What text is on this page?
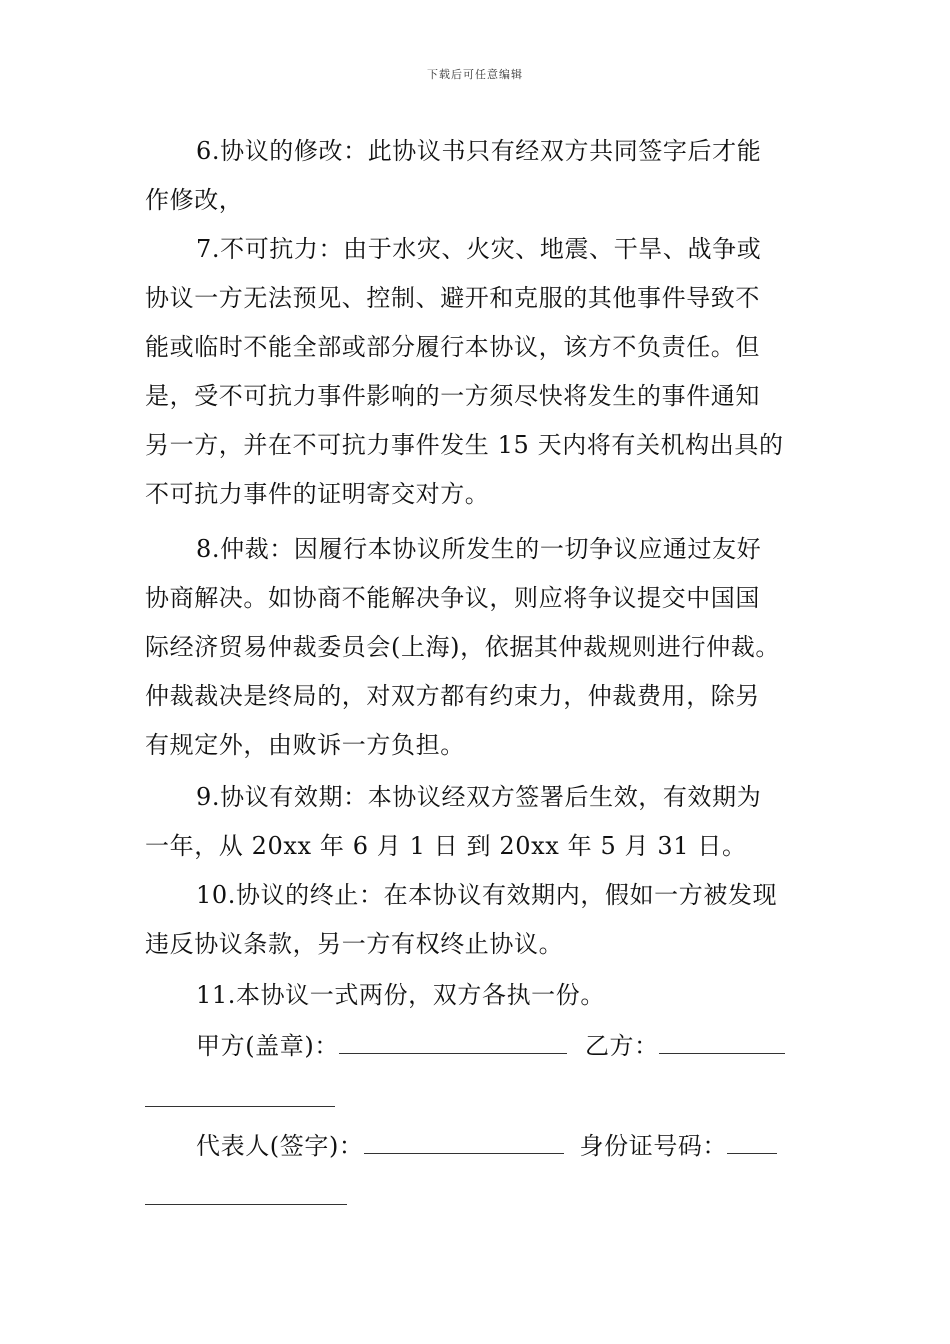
下载后可任意编辑
6.协议的修改：此协议书只有经双方共同签字后才能
作修改，
7.不可抗力：由于水灾、火灾、地震、干旱、战争或
协议一方无法预见、控制、避开和克服的其他事件导致不
能或临时不能全部或部分履行本协议，该方不负责任。但
是，受不可抗力事件影响的一方须尽快将发生的事件通知
另一方，并在不可抗力事件发生 15 天内将有关机构出具的
不可抗力事件的证明寄交对方。
8.仲裁：因履行本协议所发生的一切争议应通过友好
协商解决。如协商不能解决争议，则应将争议提交中国国
际经济贸易仲裁委员会(上海)，依据其仲裁规则进行仲裁。
仲裁裁决是终局的，对双方都有约束力，仲裁费用，除另
有规定外，由败诉一方负担。
9.协议有效期：本协议经双方签署后生效，有效期为
一年，从 20xx 年 6 月 1 日 到 20xx 年 5 月 31 日。
10.协议的终止：在本协议有效期内，假如一方被发现
违反协议条款，另一方有权终止协议。
11.本协议一式两份，双方各执一份。
甲方(盖章)：	乙方：
代表人(签字)：	身份证号码：
